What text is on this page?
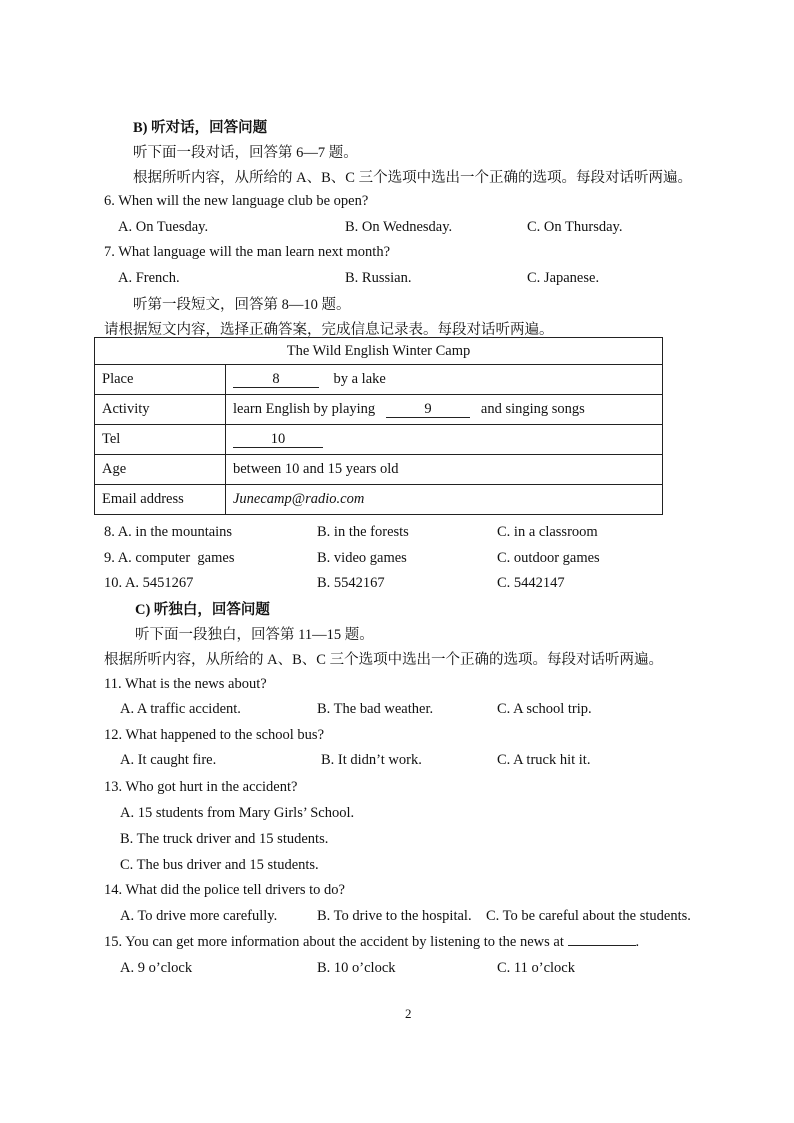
B) 听对话，回答问题
听下面一段对话，回答第 6—7 题。
根据所听内容，从所给的 A、B、C 三个选项中选出一个正确的选项。每段对话听两遍。
6. When will the new language club be open?
A. On Tuesday.	B. On Wednesday.	C. On Thursday.
7. What language will the man learn next month?
A. French.	B. Russian.	C. Japanese.
听第一段短文，回答第 8—10 题。
请根据短文内容，选择正确答案，完成信息记录表。每段对话听两遍。
The Wild English Winter Camp	
Place	8 by a lake
Activity	learn English by playing 9 and singing songs
Tel	10
Age	between 10 and 15 years old
Email address	Junecamp@radio.com
8. A. in the mountains	B. in the forests	C. in a classroom
9. A. computer  games	B. video games	C. outdoor games
10. A. 5451267	B. 5542167	C. 5442147
C) 听独白，回答问题
听下面一段独白，回答第 11—15 题。
根据所听内容，从所给的 A、B、C 三个选项中选出一个正确的选项。每段对话听两遍。
11. What is the news about?
A. A traffic accident.	B. The bad weather.	C. A school trip.
12. What happened to the school bus?
A. It caught fire.	B. It didn’t work.	C. A truck hit it.
13. Who got hurt in the accident?
A. 15 students from Mary Girls’ School.
B. The truck driver and 15 students.
C. The bus driver and 15 students.
14. What did the police tell drivers to do?
A. To drive more carefully.	B. To drive to the hospital. C. To be careful about the students.
15. You can get more information about the accident by listening to the news at	.
A. 9 o’clock	B. 10 o’clock	C. 11 o’clock
2
